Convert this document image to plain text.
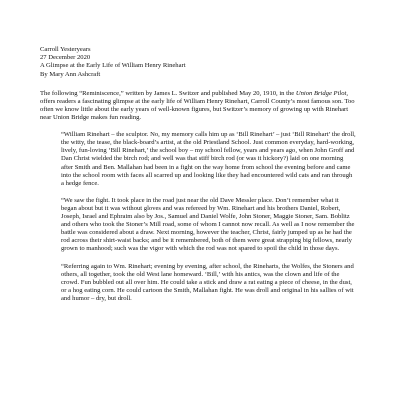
Carroll Yesteryears

27 December 2020

A Glimpse at the Early Life of William Henry Rinehart

By Mary Ann Ashcraft

The following “Reminiscence,” written by James L. Switzer and published May 20, 1910, in the Union Bridge Pilot, offers readers a fascinating glimpse at the early life of William Henry Rinehart, Carroll County’s most famous son. Too often we know little about the early years of well-known figures, but Switzer’s memory of growing up with Rinehart near Union Bridge makes fun reading.

“William Rinehart – the sculptor. No, my memory calls him up as ‘Bill Rinehart’ – just ‘Bill Rinehart’ the droll, the witty, the tease, the black-board’s artist, at the old Priestland School. Just common everyday, hard-working, lively, fun-loving ‘Bill Rinehart,’ the school boy – my school fellow, years and years ago, when John Groff and Dan Christ wielded the birch rod; and well was that stiff birch rod (or was it hickory?) laid on one morning after Smith and Ben. Mallahan had been in a fight on the way home from school the evening before and came into the school room with faces all scarred up and looking like they had encountered wild cats and ran through a hedge fence.

“We saw the fight. It took place in the road just near the old Dave Messler place. Don’t remember what it began about but it was without gloves and was refereed by Wm. Rinehart and his brothers Daniel, Robert, Joseph, Israel and Ephraim also by Jos., Samuel and Daniel Wolfe, John Stoner, Maggie Stoner, Sam. Boblitz and others who took the Stoner’s Mill road, some of whom I cannot now recall. As well as I now remember the battle was considered about a draw. Next morning, however the teacher, Christ, fairly jumped up as he had the rod across their shirt-waist backs; and be it remembered, both of them were great strapping big fellows, nearly grown to manhood; such was the vigor with which the rod was not spared to spoil the child in those days.

“Referring again to Wm. Rinehart; evening by evening, after school, the Rineharts, the Wolfes, the Stoners and others, all together, took the old West lane homeward. ‘Bill,’ with his antics, was the clown and life of the crowd. Fun bubbled out all over him. He could take a stick and draw a rat eating a piece of cheese, in the dust, or a hog eating corn. He could cartoon the Smith, Mallahan fight. He was droll and original in his sallies of wit and humor – dry, but droll.
